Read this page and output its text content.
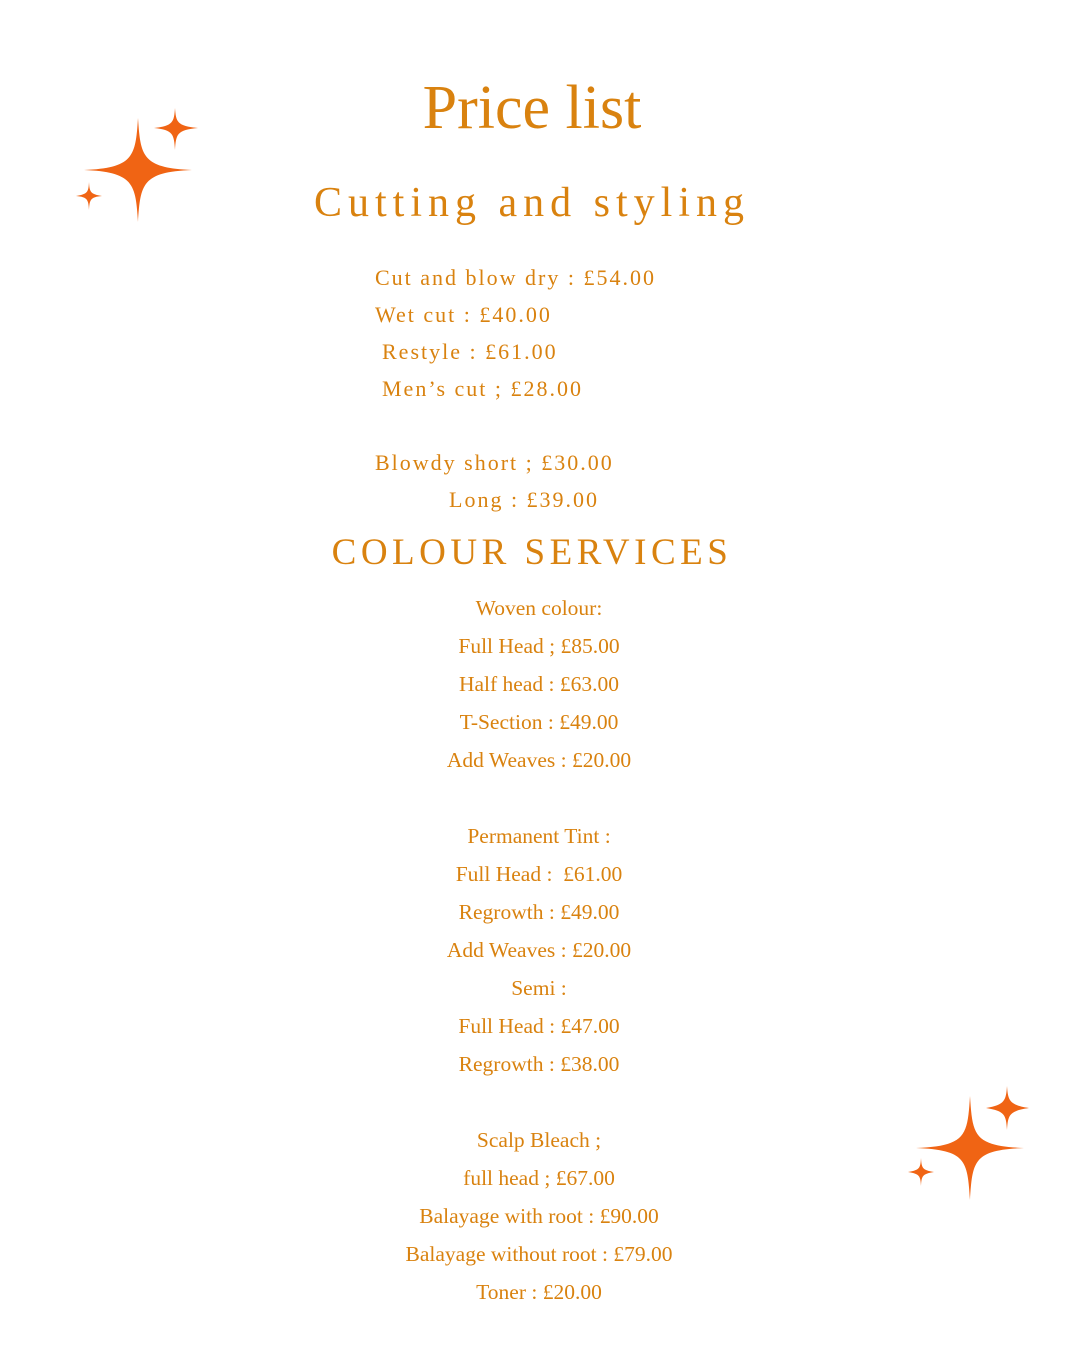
Price list
Cutting and styling
Cut and blow dry : £54.00
Wet cut : £40.00
Restyle : £61.00
Men’s cut ; £28.00
Blowdy short ; £30.00
Long : £39.00
COLOUR SERVICES
Woven colour:
Full Head ; £85.00
Half head : £63.00
T-Section : £49.00
Add Weaves : £20.00
Permanent Tint :
Full Head :  £61.00
Regrowth : £49.00
Add Weaves : £20.00
Semi :
Full Head : £47.00
Regrowth : £38.00
Scalp Bleach ;
full head ; £67.00
Balayage with root : £90.00
Balayage without root : £79.00
Toner : £20.00
